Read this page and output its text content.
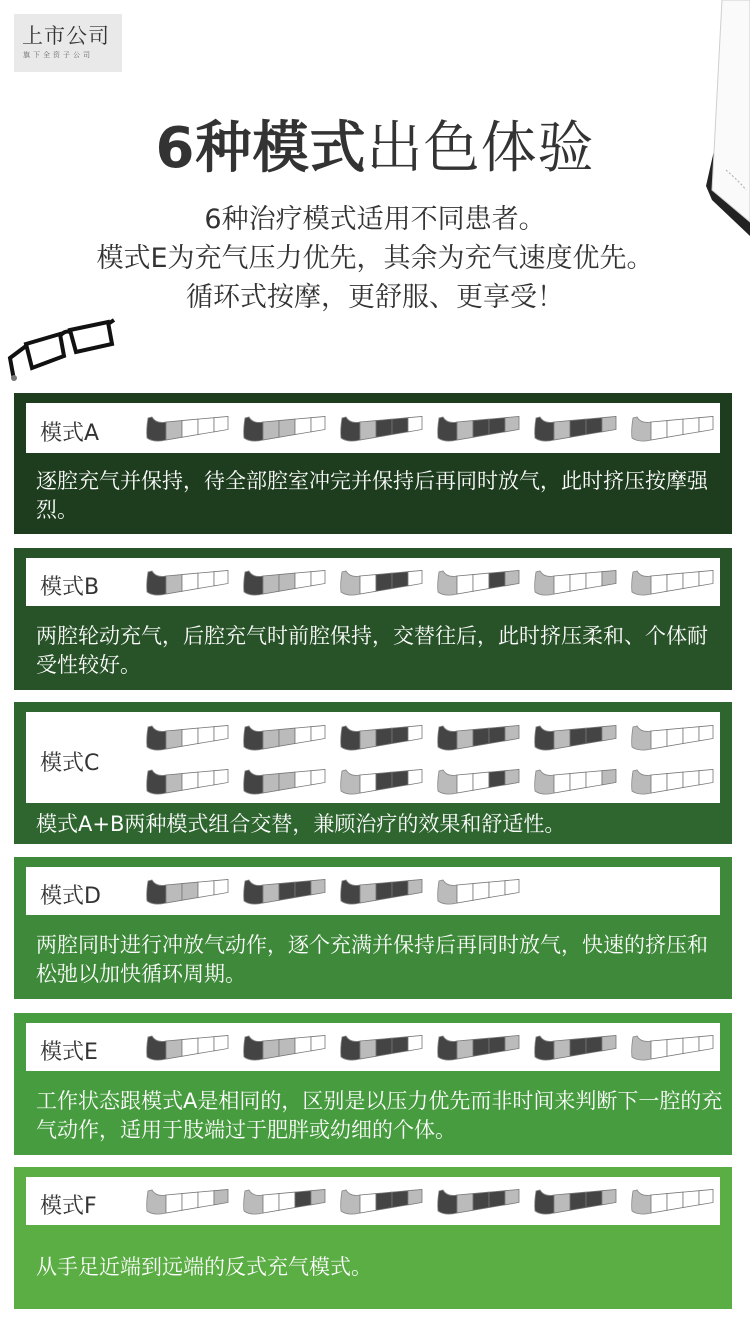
上市公司
旗下全资子公司
6种模式出色体验
6种治疗模式适用不同患者。
模式E为充气压力优先，其余为充气速度优先。
循环式按摩，更舒服、更享受！
模式A
逐腔充气并保持，待全部腔室冲完并保持后再同时放气，此时挤压按摩强烈。
模式B
两腔轮动充气，后腔充气时前腔保持，交替往后，此时挤压柔和、个体耐受性较好。
模式C
模式A+B两种模式组合交替，兼顾治疗的效果和舒适性。
模式D
两腔同时进行冲放气动作，逐个充满并保持后再同时放气，快速的挤压和松弛以加快循环周期。
模式E
工作状态跟模式A是相同的，区别是以压力优先而非时间来判断下一腔的充气动作，适用于肢端过于肥胖或幼细的个体。
模式F
从手足近端到远端的反式充气模式。
